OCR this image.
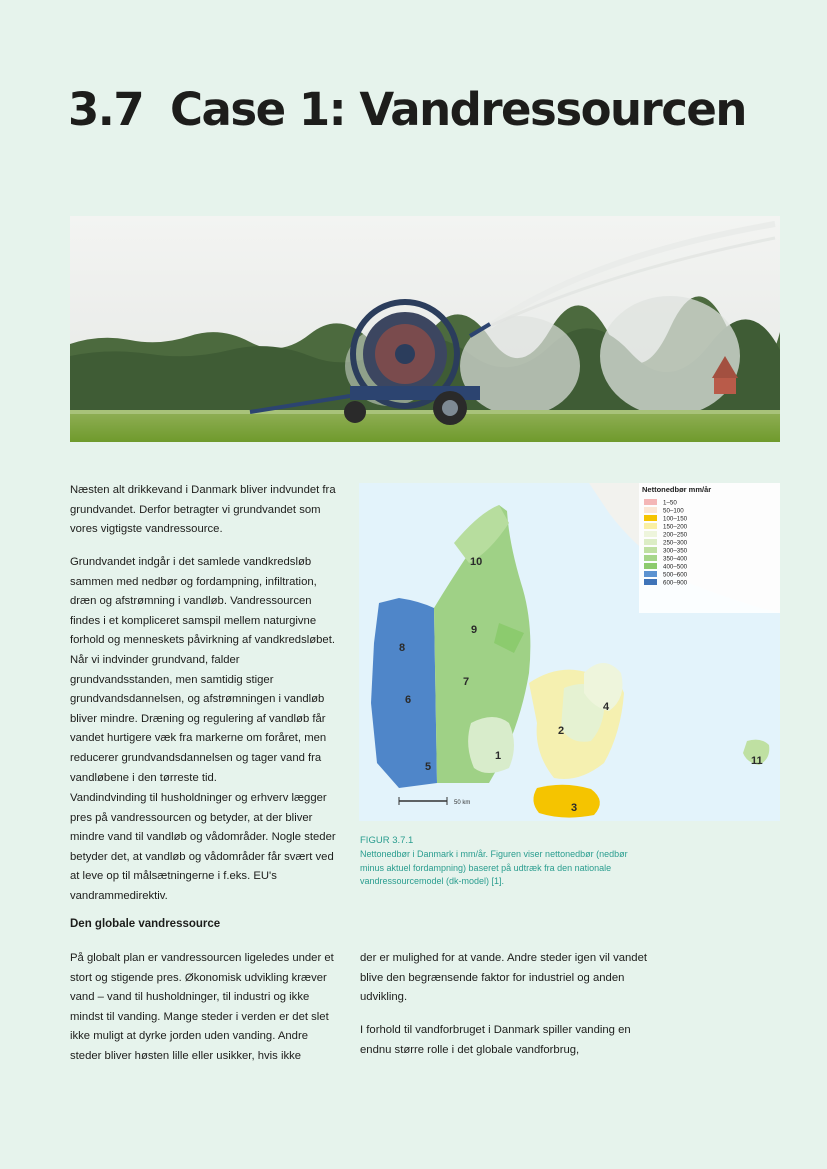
3.7 Case 1: Vandressourcen

Næsten alt drikkevand i Danmark bliver indvundet fra grundvandet. Derfor betragter vi grundvandet som vores vigtigste vandressource.

Grundvandet indgår i det samlede vandkredsløb sammen med nedbør og fordampning, infiltration, dræn og afstrømning i vandløb. Vandressourcen findes i et kompliceret samspil mellem naturgivne forhold og menneskets påvirkning af vandkredsløbet. Når vi indvinder grundvand, falder grundvandsstanden, men samtidig stiger grundvandsdannelsen, og afstrømningen i vandløb bliver mindre. Dræning og regulering af vandløb får vandet hurtigere væk fra markerne om foråret, men reducerer grundvandsdannelsen og tager vand fra vandløbene i den tørreste tid.

Vandindvinding til husholdninger og erhverv lægger pres på vandressourcen og betyder, at der bliver mindre vand til vandløb og vådområder. Nogle steder betyder det, at vandløb og vådområder får svært ved at leve op til målsætningerne i f.eks. EU's vandrammedirektiv.

Den globale vandressource

På globalt plan er vandressourcen ligeledes under et stort og stigende pres. Økonomisk udvikling kræver vand – vand til husholdninger, til industri og ikke mindst til vanding. Mange steder i verden er det slet ikke muligt at dyrke jorden uden vanding. Andre steder bliver høsten lille eller usikker, hvis ikke

der er mulighed for at vande. Andre steder igen vil vandet blive den begrænsende faktor for industriel og anden udvikling.

I forhold til vandforbruget i Danmark spiller vanding en endnu større rolle i det globale vandforbrug,

50 km
1
2
3
4
5
6
7
8
9
10
11
Nettonedbør mm/år
1–50
50–100
100–150
150–200
200–250
250–300
300–350
350–400
400–500
500–600
600–900

FIGUR 3.7.1

Nettonedbør i Danmark i mm/år. Figuren viser nettonedbør (nedbør minus aktuel fordampning) baseret på udtræk fra den nationale vandressourcemodel (dk-model) [1].
